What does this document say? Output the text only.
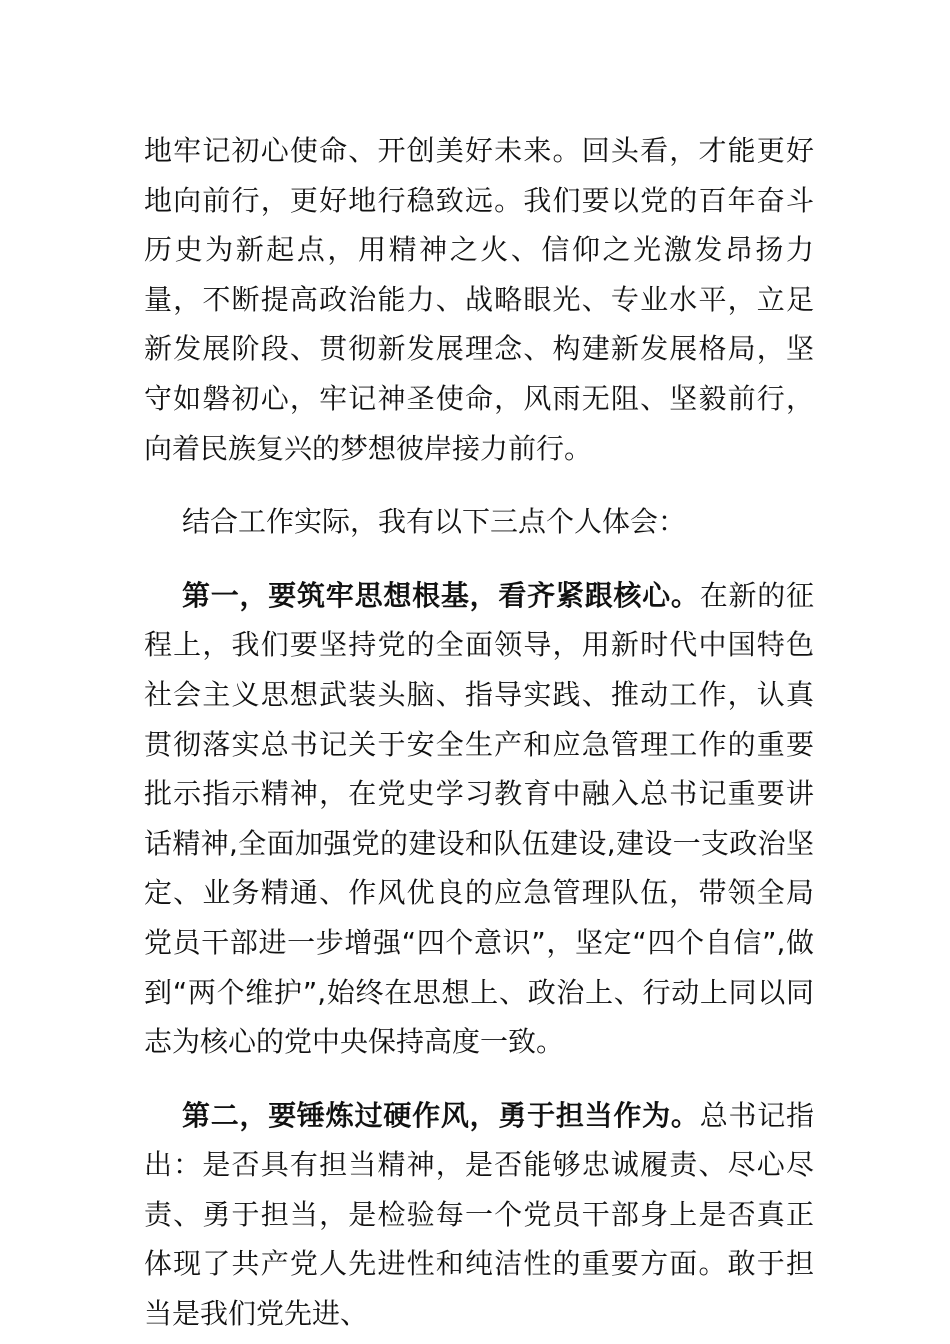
地牢记初心使命、开创美好未来。回头看，才能更好地向前行，更好地行稳致远。我们要以党的百年奋斗历史为新起点，用精神之火、信仰之光激发昂扬力量，不断提高政治能力、战略眼光、专业水平，立足新发展阶段、贯彻新发展理念、构建新发展格局，坚守如磐初心，牢记神圣使命，风雨无阻、坚毅前行，向着民族复兴的梦想彼岸接力前行。

结合工作实际，我有以下三点个人体会：

第一，要筑牢思想根基，看齐紧跟核心。在新的征程上，我们要坚持党的全面领导，用新时代中国特色社会主义思想武装头脑、指导实践、推动工作，认真贯彻落实总书记关于安全生产和应急管理工作的重要批示指示精神，在党史学习教育中融入总书记重要讲话精神,全面加强党的建设和队伍建设,建设一支政治坚定、业务精通、作风优良的应急管理队伍，带领全局党员干部进一步增强“四个意识”，坚定“四个自信”,做到“两个维护”,始终在思想上、政治上、行动上同以同志为核心的党中央保持高度一致。

第二，要锤炼过硬作风，勇于担当作为。总书记指出：是否具有担当精神，是否能够忠诚履责、尽心尽责、勇于担当，是检验每一个党员干部身上是否真正体现了共产党人先进性和纯洁性的重要方面。敢于担当是我们党先进、
